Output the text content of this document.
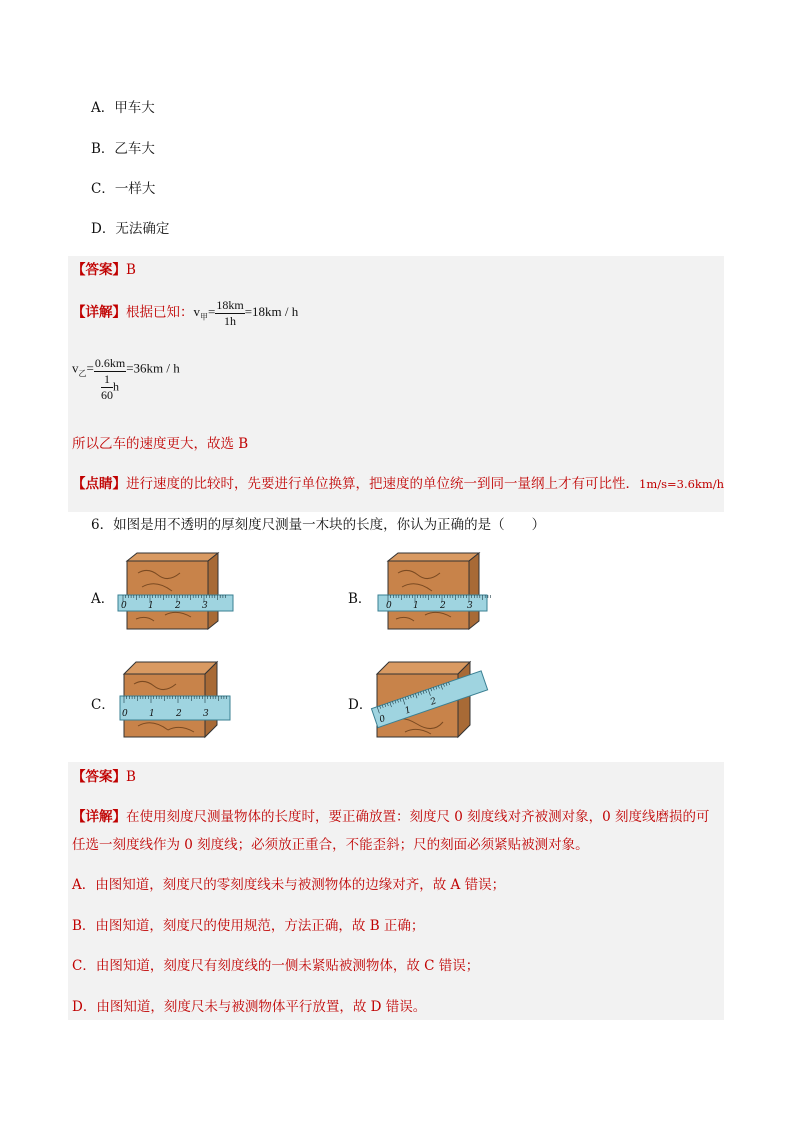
A．甲车大
B．乙车大
C．一样大
D．无法确定
【答案】B
【详解】根据已知：$v_甲= \frac{18km}{1h} =18km / h$
$v_乙= \frac{0.6km}{\frac{1}{60} h} =36km / h$
所以乙车的速度更大，故选 B
【点睛】进行速度的比较时，先要进行单位换算，把速度的单位统一到同一量纲上才有可比性．1m/s=3.6km/h
6．如图是用不透明的厚刻度尺测量一木块的长度，你认为正确的是（　　）
A．	B．
C．	D．
0 1 2 3	0 1 2 3
0 1 2 3
0
1
2
【答案】B
【详解】在使用刻度尺测量物体的长度时，要正确放置：刻度尺 0 刻度线对齐被测对象，0 刻度线磨损的可
任选一刻度线作为 0 刻度线；必须放正重合，不能歪斜；尺的刻面必须紧贴被测对象。
A．由图知道，刻度尺的零刻度线未与被测物体的边缘对齐，故 A 错误；
B．由图知道，刻度尺的使用规范，方法正确，故 B 正确；
C．由图知道，刻度尺有刻度线的一侧未紧贴被测物体，故 C 错误；
D．由图知道，刻度尺未与被测物体平行放置，故 D 错误。
